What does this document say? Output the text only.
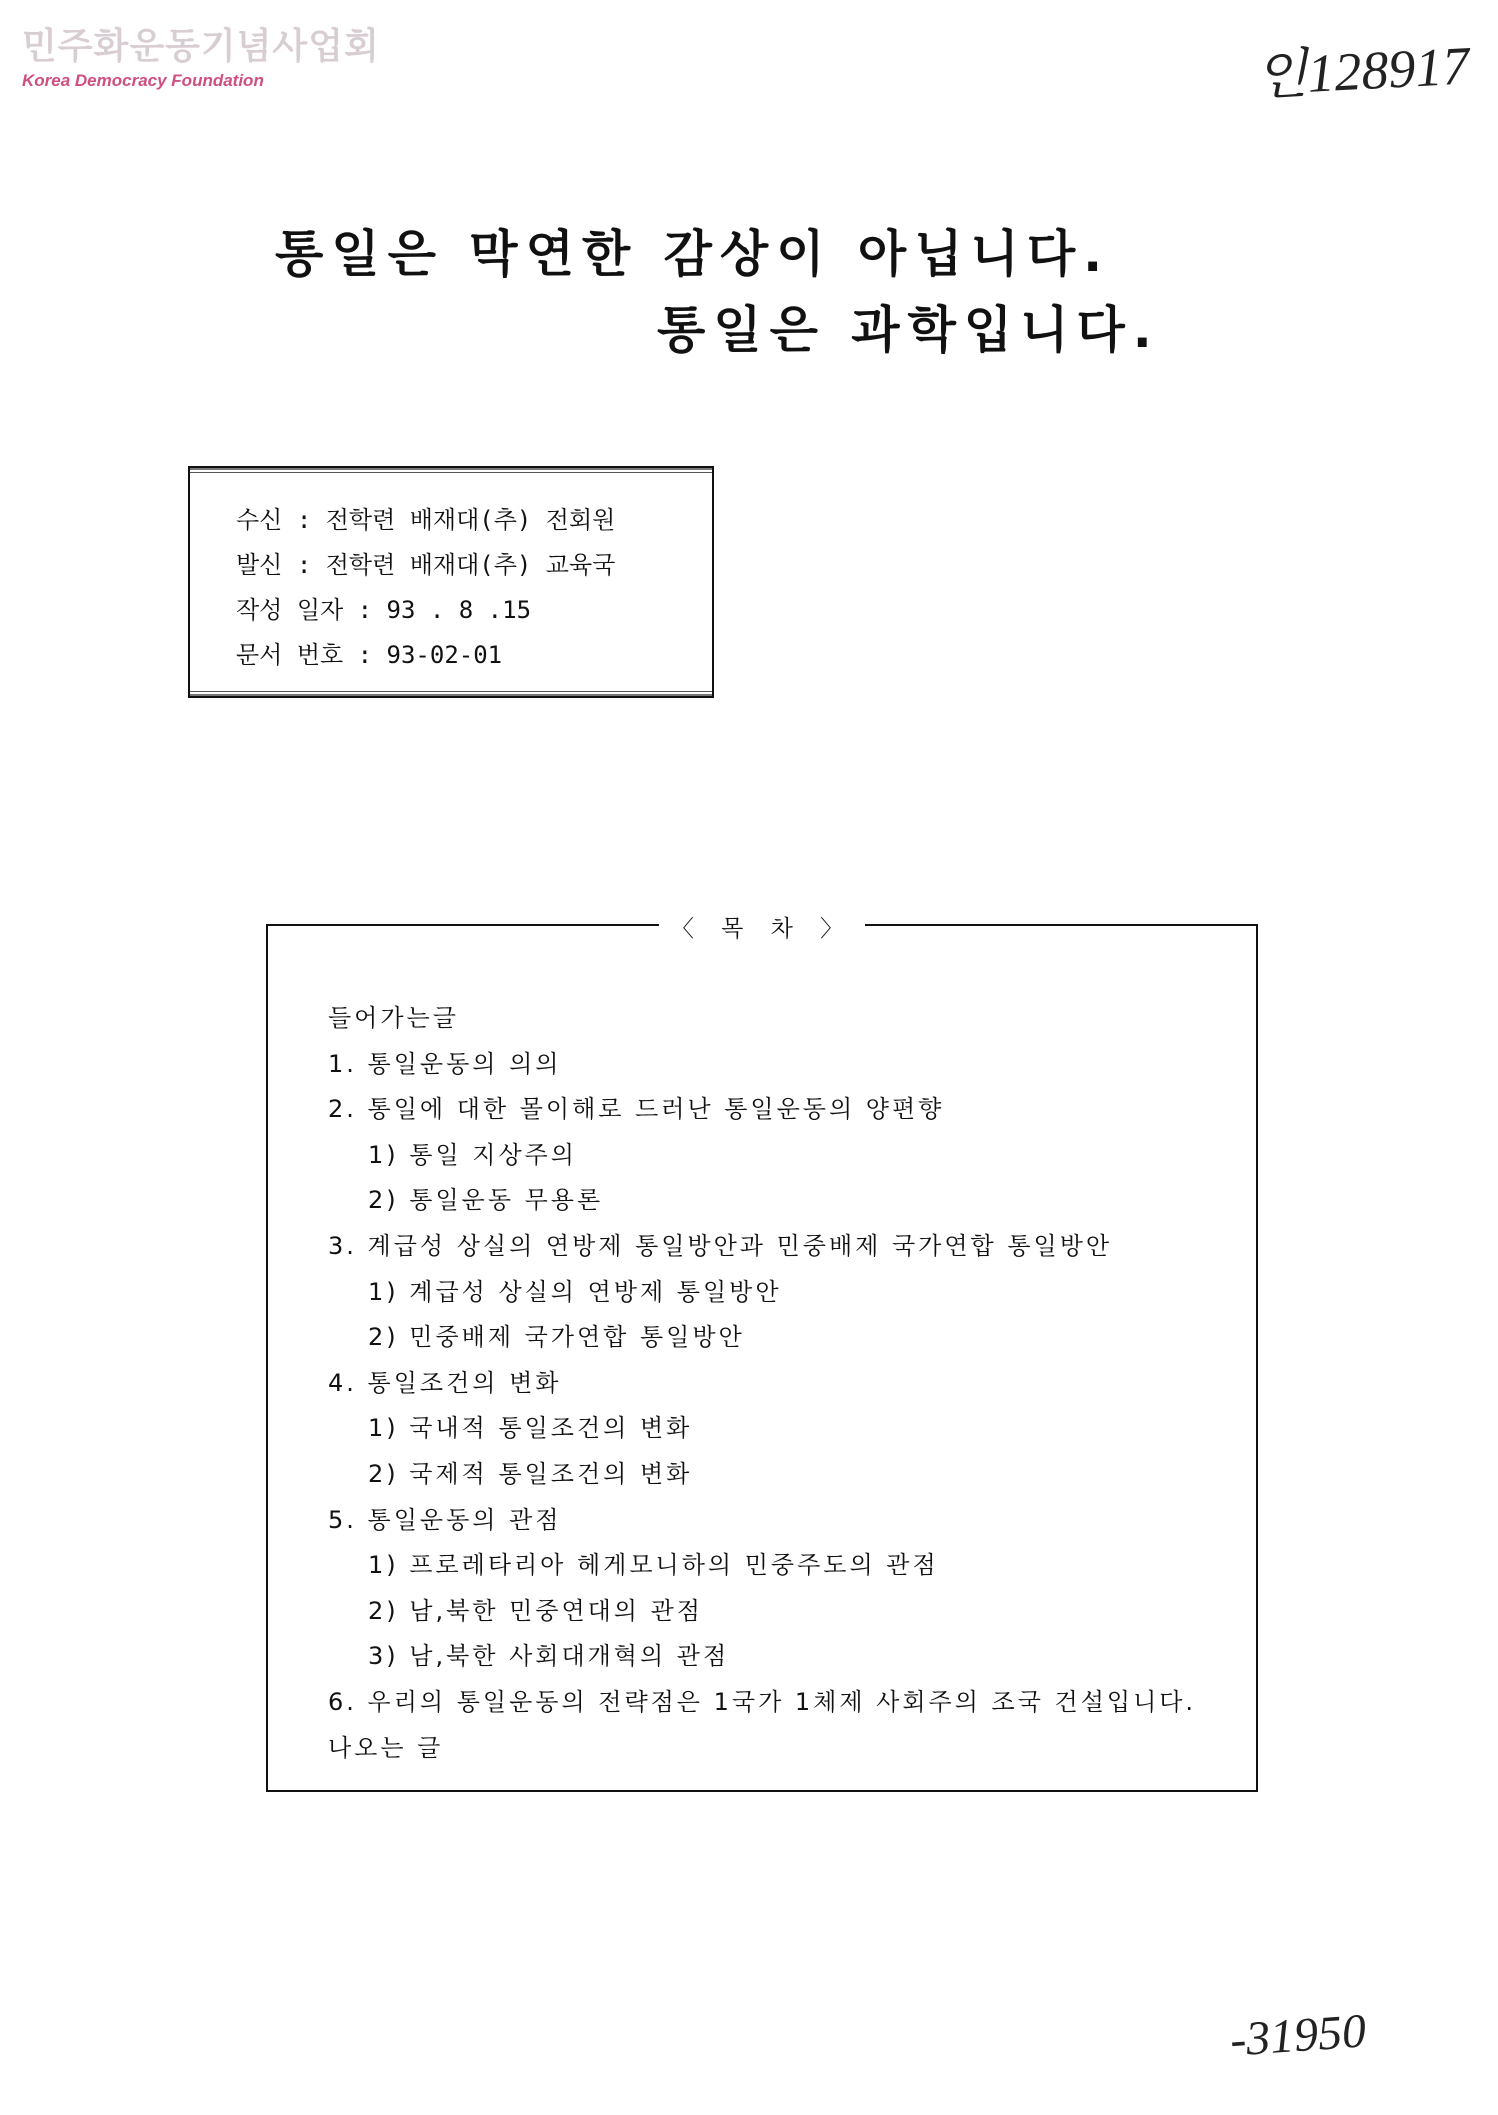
민주화운동기념사업회
Korea Democracy Foundation	인128917
통일은 막연한 감상이 아닙니다.
통일은 과학입니다.
수신 : 전학련 배재대(추) 전회원
발신 : 전학련 배재대(추) 교육국
작성 일자 : 93 . 8 .15
문서 번호 : 93-02-01
〈 목 차 〉
들어가는글
1. 통일운동의 의의
2. 통일에 대한 몰이해로 드러난 통일운동의 양편향
1) 통일 지상주의
2) 통일운동 무용론
3. 계급성 상실의 연방제 통일방안과 민중배제 국가연합 통일방안
1) 계급성 상실의 연방제 통일방안
2) 민중배제 국가연합 통일방안
4. 통일조건의 변화
1) 국내적 통일조건의 변화
2) 국제적 통일조건의 변화
5. 통일운동의 관점
1) 프로레타리아 헤게모니하의 민중주도의 관점
2) 남,북한 민중연대의 관점
3) 남,북한 사회대개혁의 관점
6. 우리의 통일운동의 전략점은 1국가 1체제 사회주의 조국 건설입니다.
나오는 글
-31950
